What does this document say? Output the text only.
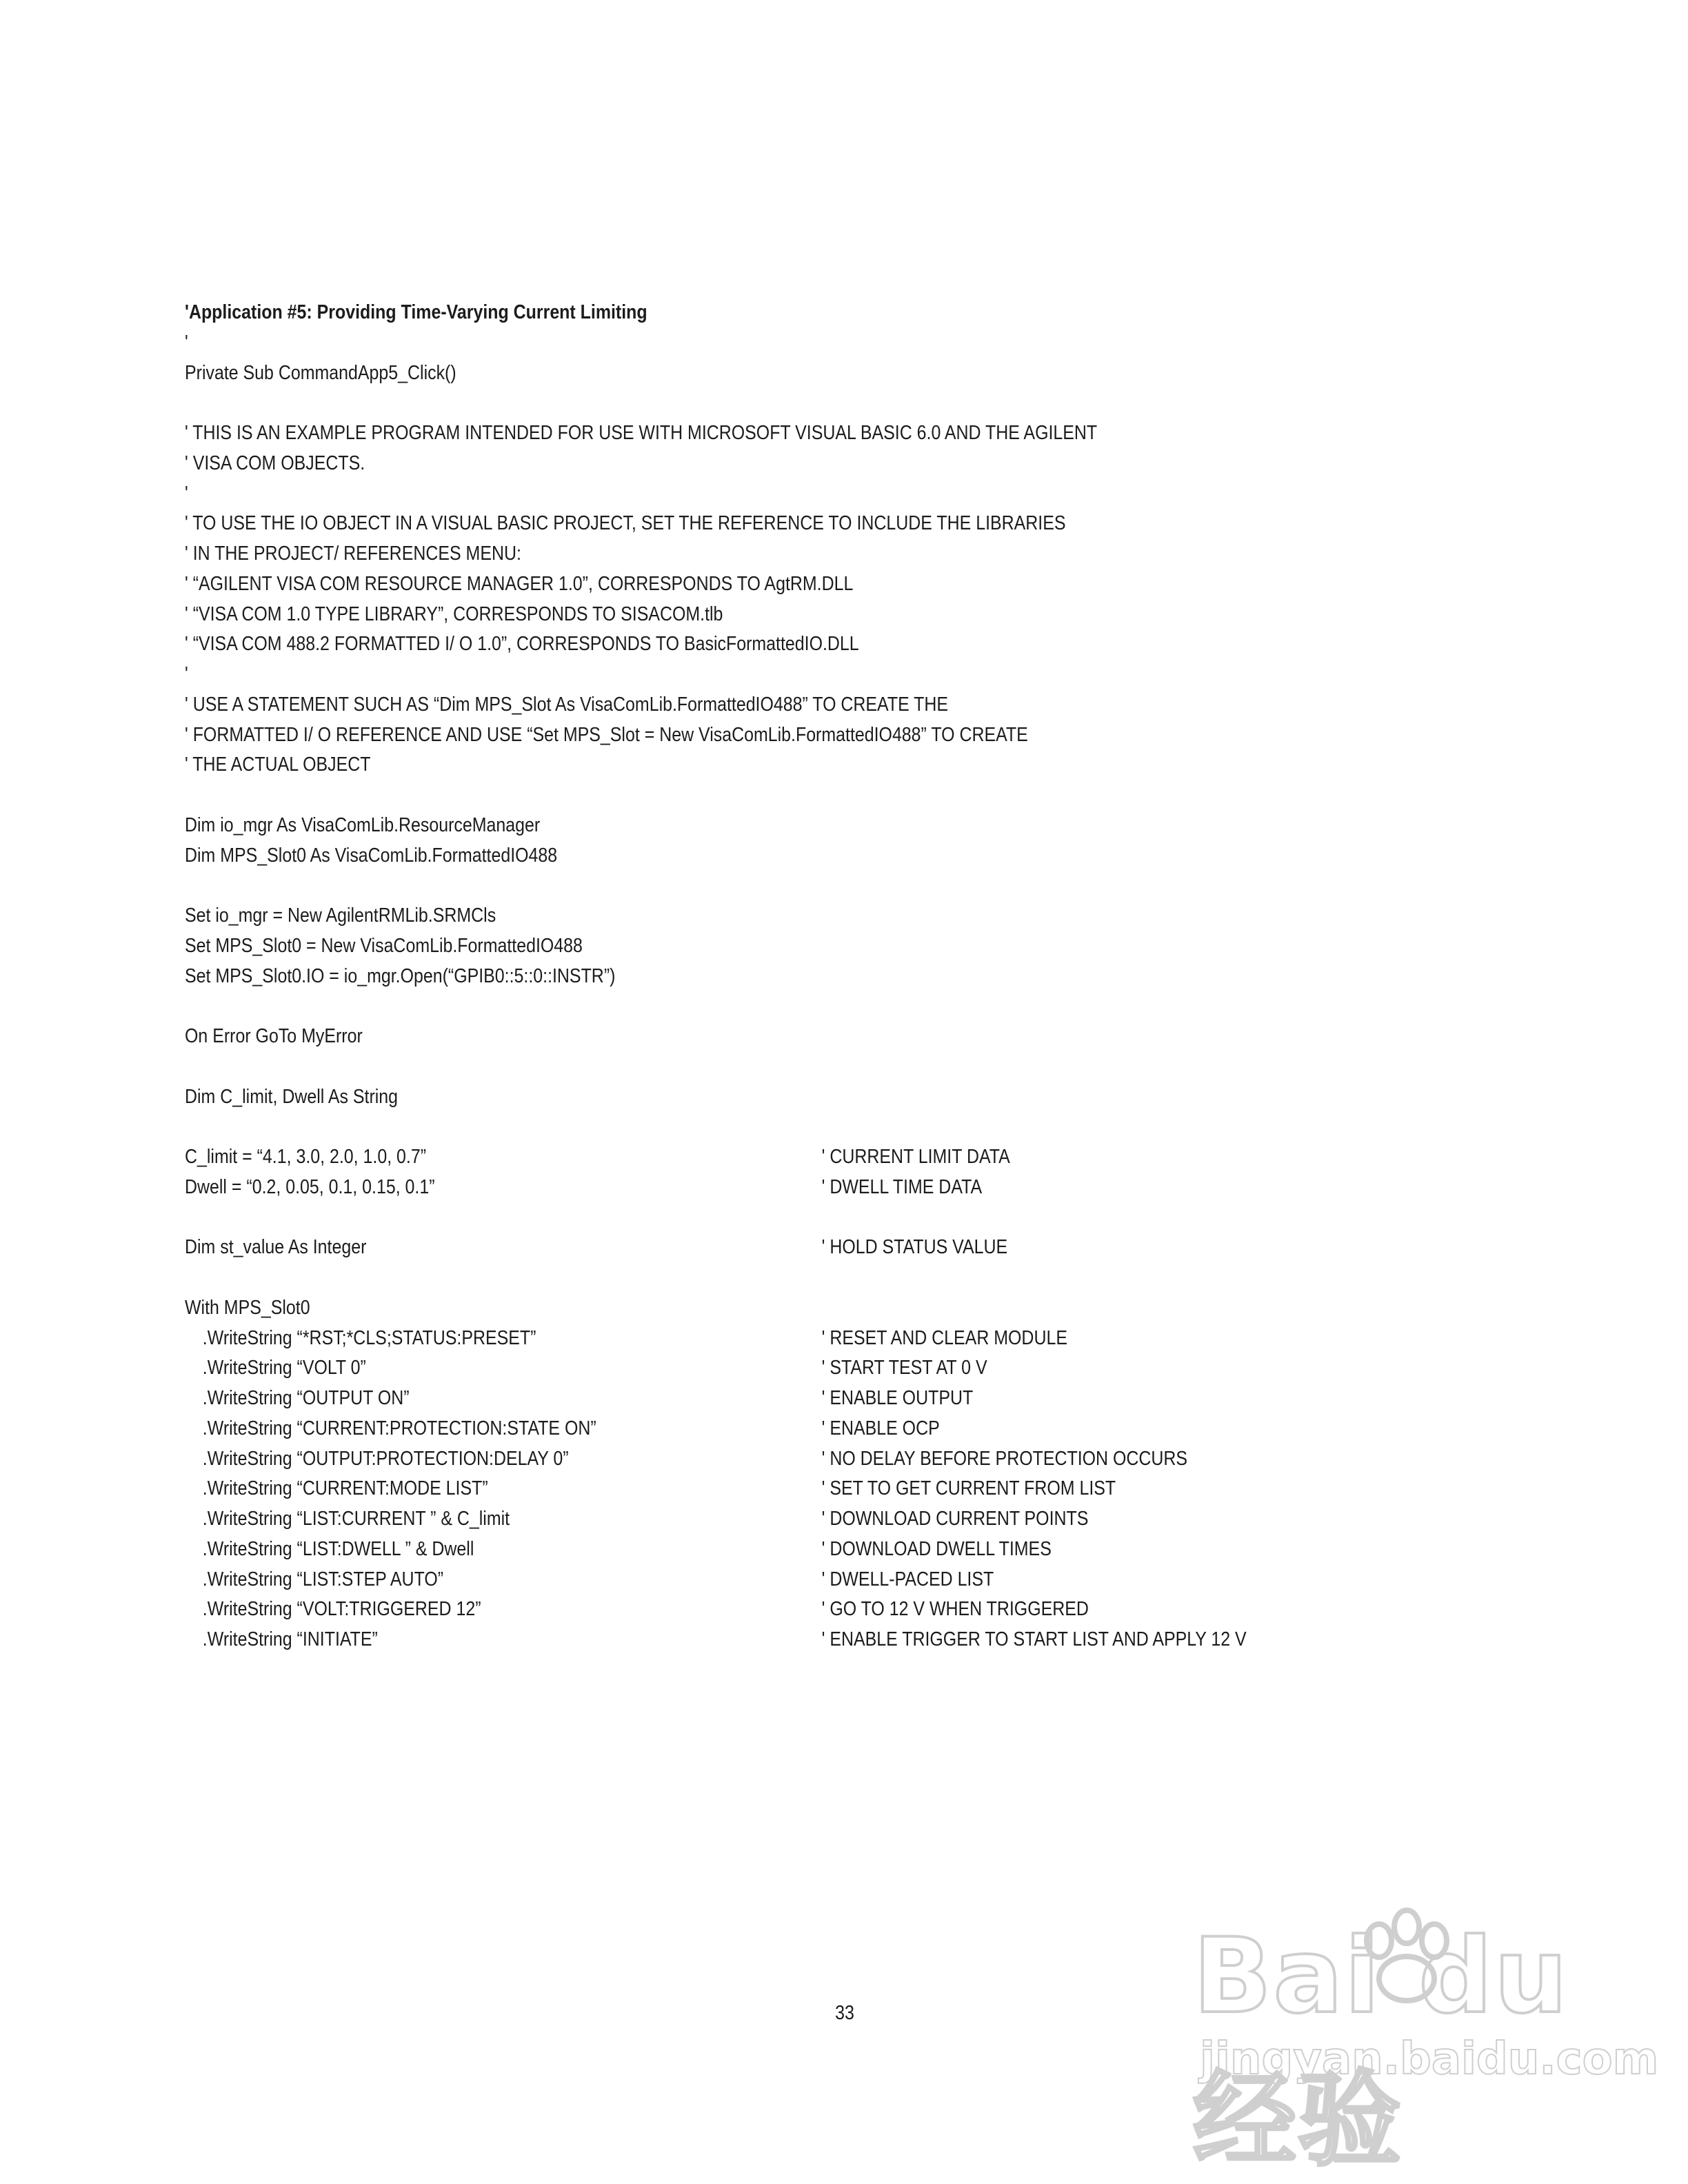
'Application #5: Providing Time-Varying Current Limiting

'
Private Sub CommandApp5_Click()
' THIS IS AN EXAMPLE PROGRAM INTENDED FOR USE WITH MICROSOFT VISUAL BASIC 6.0 AND THE AGILENT
' VISA COM OBJECTS.
'
' TO USE THE IO OBJECT IN A VISUAL BASIC PROJECT, SET THE REFERENCE TO INCLUDE THE LIBRARIES
' IN THE PROJECT/ REFERENCES MENU:
' “AGILENT VISA COM RESOURCE MANAGER 1.0”, CORRESPONDS TO AgtRM.DLL
' “VISA COM 1.0 TYPE LIBRARY”, CORRESPONDS TO SISACOM.tlb
' “VISA COM 488.2 FORMATTED I/ O 1.0”, CORRESPONDS TO BasicFormattedIO.DLL
'
' USE A STATEMENT SUCH AS “Dim MPS_Slot As VisaComLib.FormattedIO488” TO CREATE THE
' FORMATTED I/ O REFERENCE AND USE “Set MPS_Slot = New VisaComLib.FormattedIO488” TO CREATE
' THE ACTUAL OBJECT
Dim io_mgr As VisaComLib.ResourceManager
Dim MPS_Slot0 As VisaComLib.FormattedIO488
Set io_mgr = New AgilentRMLib.SRMCls
Set MPS_Slot0 = New VisaComLib.FormattedIO488
Set MPS_Slot0.IO = io_mgr.Open(“GPIB0::5::0::INSTR”)
On Error GoTo MyError
Dim C_limit, Dwell As String
C_limit = “4.1, 3.0, 2.0, 1.0, 0.7”	' CURRENT LIMIT DATA
Dwell = “0.2, 0.05, 0.1, 0.15, 0.1”	' DWELL TIME DATA
Dim st_value As Integer	' HOLD STATUS VALUE
With MPS_Slot0
.WriteString “*RST;*CLS;STATUS:PRESET”	' RESET AND CLEAR MODULE
.WriteString “VOLT 0”	' START TEST AT 0 V
.WriteString “OUTPUT ON”	' ENABLE OUTPUT
.WriteString “CURRENT:PROTECTION:STATE ON”	' ENABLE OCP
.WriteString “OUTPUT:PROTECTION:DELAY 0”	' NO DELAY BEFORE PROTECTION OCCURS
.WriteString “CURRENT:MODE LIST”	' SET TO GET CURRENT FROM LIST
.WriteString “LIST:CURRENT ” & C_limit	' DOWNLOAD CURRENT POINTS
.WriteString “LIST:DWELL ” & Dwell	' DOWNLOAD DWELL TIMES
.WriteString “LIST:STEP AUTO”	' DWELL-PACED LIST
.WriteString “VOLT:TRIGGERED 12”	' GO TO 12 V WHEN TRIGGERED
.WriteString “INITIATE”	' ENABLE TRIGGER TO START LIST AND APPLY 12 V
33	Bai du 经验
jingyan.baidu.com
